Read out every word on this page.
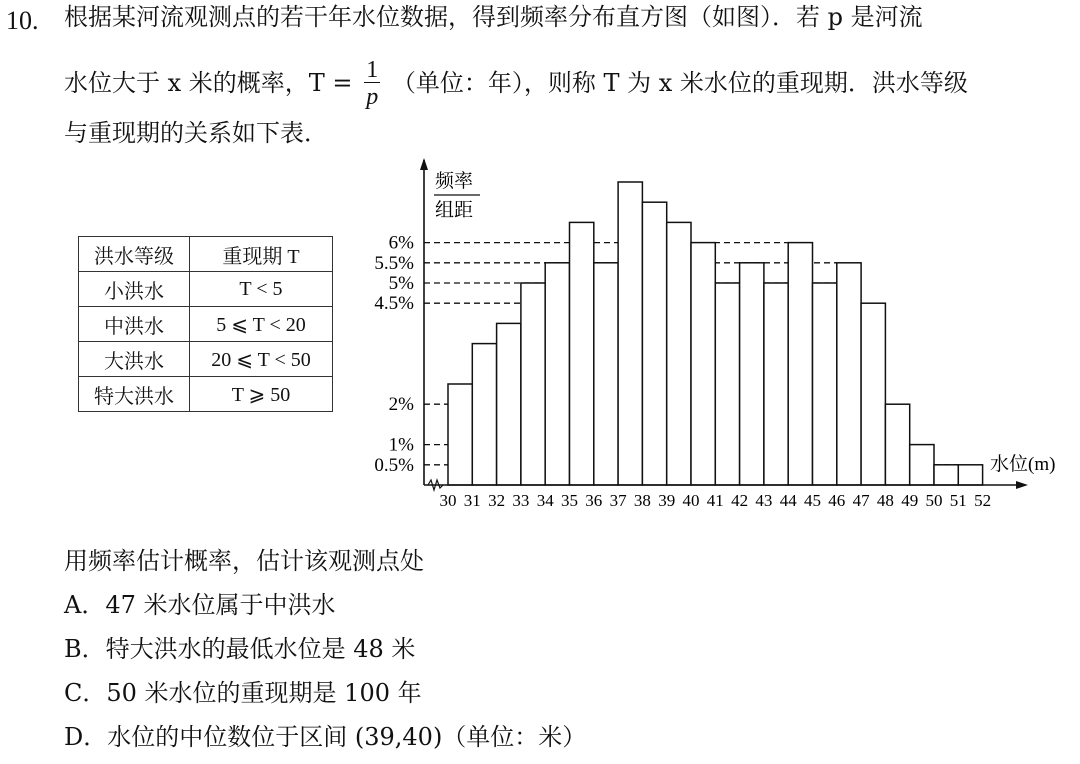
10. 根据某河流观测点的若干年水位数据，得到频率分布直方图（如图）．若 p 是河流
水位大于 x 米的概率，$T = \frac{1}{p}$ （单位：年），则称 T 为 x 米水位的重现期．洪水等级
与重现期的关系如下表．
洪水等级	重现期 T
小洪水	T < 5
中洪水	5 ⩽ T < 20
大洪水	20 ⩽ T < 50
特大洪水	T ⩾ 50
频率
组距
水位(m)
6%
5.5%
5%
4.5%
2%
1%
0.5%
30 31 32 33 34 35 36 37 38 39 40 41 42 43 44 45 46 47 48 49 50 51 52
用频率估计概率，估计该观测点处
A．47 米水位属于中洪水
B．特大洪水的最低水位是 48 米
C．50 米水位的重现期是 100 年
D．水位的中位数位于区间 (39,40)（单位：米）
